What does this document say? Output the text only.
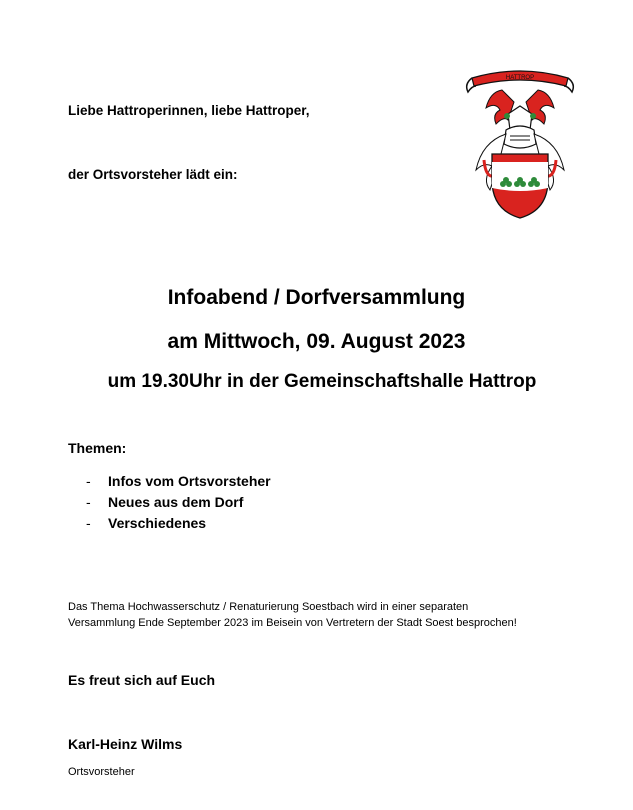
Liebe Hattroperinnen, liebe Hattroper,
der Ortsvorsteher lädt ein:
HATTROP
Infoabend / Dorfversammlung
am Mittwoch, 09. August 2023
um 19.30Uhr in der Gemeinschaftshalle Hattrop
Themen:
-	Infos vom Ortsvorsteher
-	Neues aus dem Dorf
-	Verschiedenes
Das Thema Hochwasserschutz / Renaturierung Soestbach wird in einer separaten
Versammlung Ende September 2023 im Beisein von Vertretern der Stadt Soest besprochen!
Es freut sich auf Euch
Karl-Heinz Wilms
Ortsvorsteher
